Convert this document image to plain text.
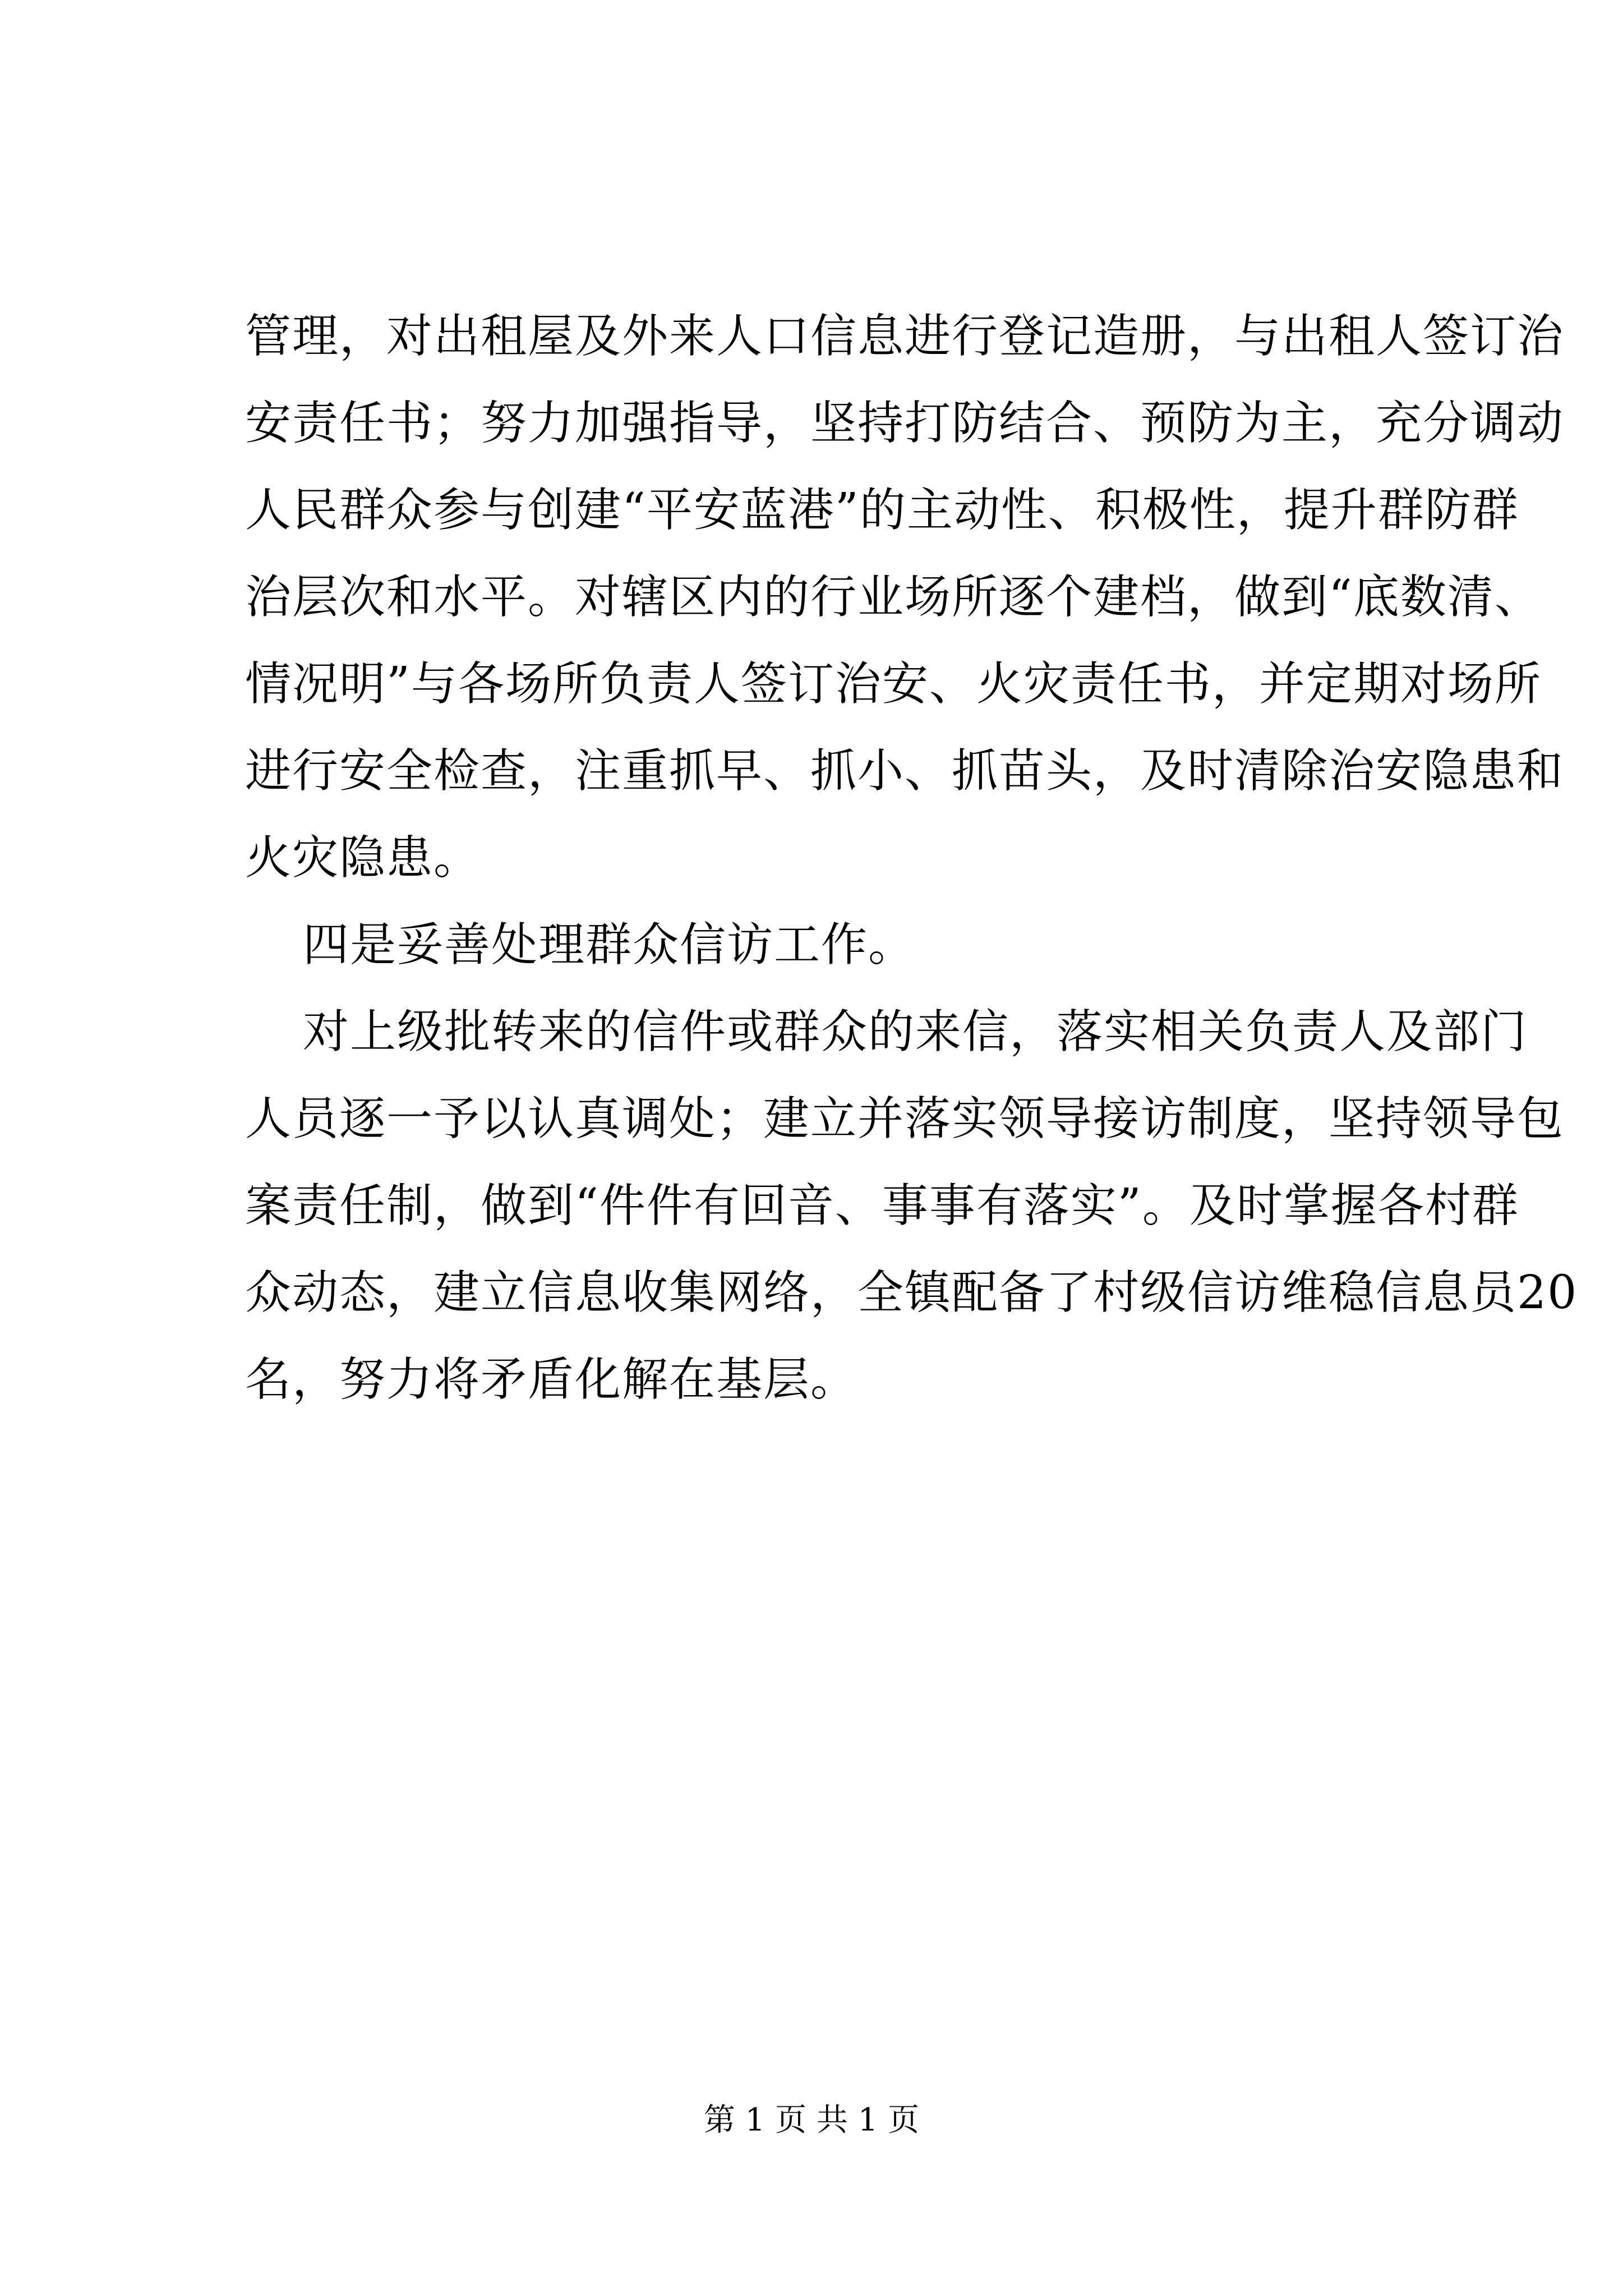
管理，对出租屋及外来人口信息进行登记造册，与出租人签订治
安责任书；努力加强指导，坚持打防结合、预防为主，充分调动
人民群众参与创建“平安蓝港”的主动性、积极性，提升群防群
治层次和水平。对辖区内的行业场所逐个建档，做到“底数清、
情况明”与各场所负责人签订治安、火灾责任书，并定期对场所
进行安全检查，注重抓早、抓小、抓苗头，及时清除治安隐患和
火灾隐患。
四是妥善处理群众信访工作。
对上级批转来的信件或群众的来信，落实相关负责人及部门
人员逐一予以认真调处；建立并落实领导接访制度，坚持领导包
案责任制，做到“件件有回音、事事有落实”。及时掌握各村群
众动态，建立信息收集网络，全镇配备了村级信访维稳信息员20
名，努力将矛盾化解在基层。
第 1 页 共 1 页
